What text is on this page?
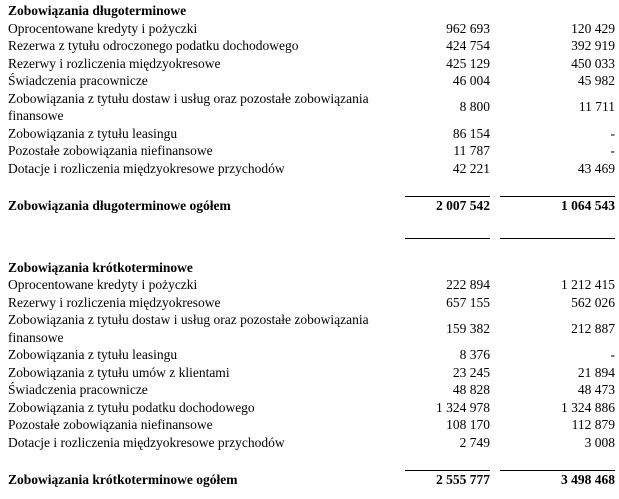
Zobowiązania długoterminowe			
Oprocentowane kredyty i pożyczki	962 693		120 429
Rezerwa z tytułu odroczonego podatku dochodowego	424 754		392 919
Rezerwy i rozliczenia międzyokresowe	425 129		450 033
Świadczenia pracownicze	46 004		45 982
Zobowiązania z tytułu dostaw i usług oraz pozostałe zobowiązania finansowe	8 800		11 711
Zobowiązania z tytułu leasingu	86 154		-
Pozostałe zobowiązania niefinansowe	11 787		-
Dotacje i rozliczenia międzyokresowe przychodów	42 221		43 469

Zobowiązania długoterminowe ogółem	2 007 542		1 064 543

Zobowiązania krótkoterminowe			
Oprocentowane kredyty i pożyczki	222 894		1 212 415
Rezerwy i rozliczenia międzyokresowe	657 155		562 026
Zobowiązania z tytułu dostaw i usług oraz pozostałe zobowiązania finansowe	159 382		212 887
Zobowiązania z tytułu leasingu	8 376		-
Zobowiązania z tytułu umów z klientami	23 245		21 894
Świadczenia pracownicze	48 828		48 473
Zobowiązania z tytułu podatku dochodowego	1 324 978		1 324 886
Pozostałe zobowiązania niefinansowe	108 170		112 879
Dotacje i rozliczenia międzyokresowe przychodów	2 749		3 008

Zobowiązania krótkoterminowe ogółem	2 555 777		3 498 468
